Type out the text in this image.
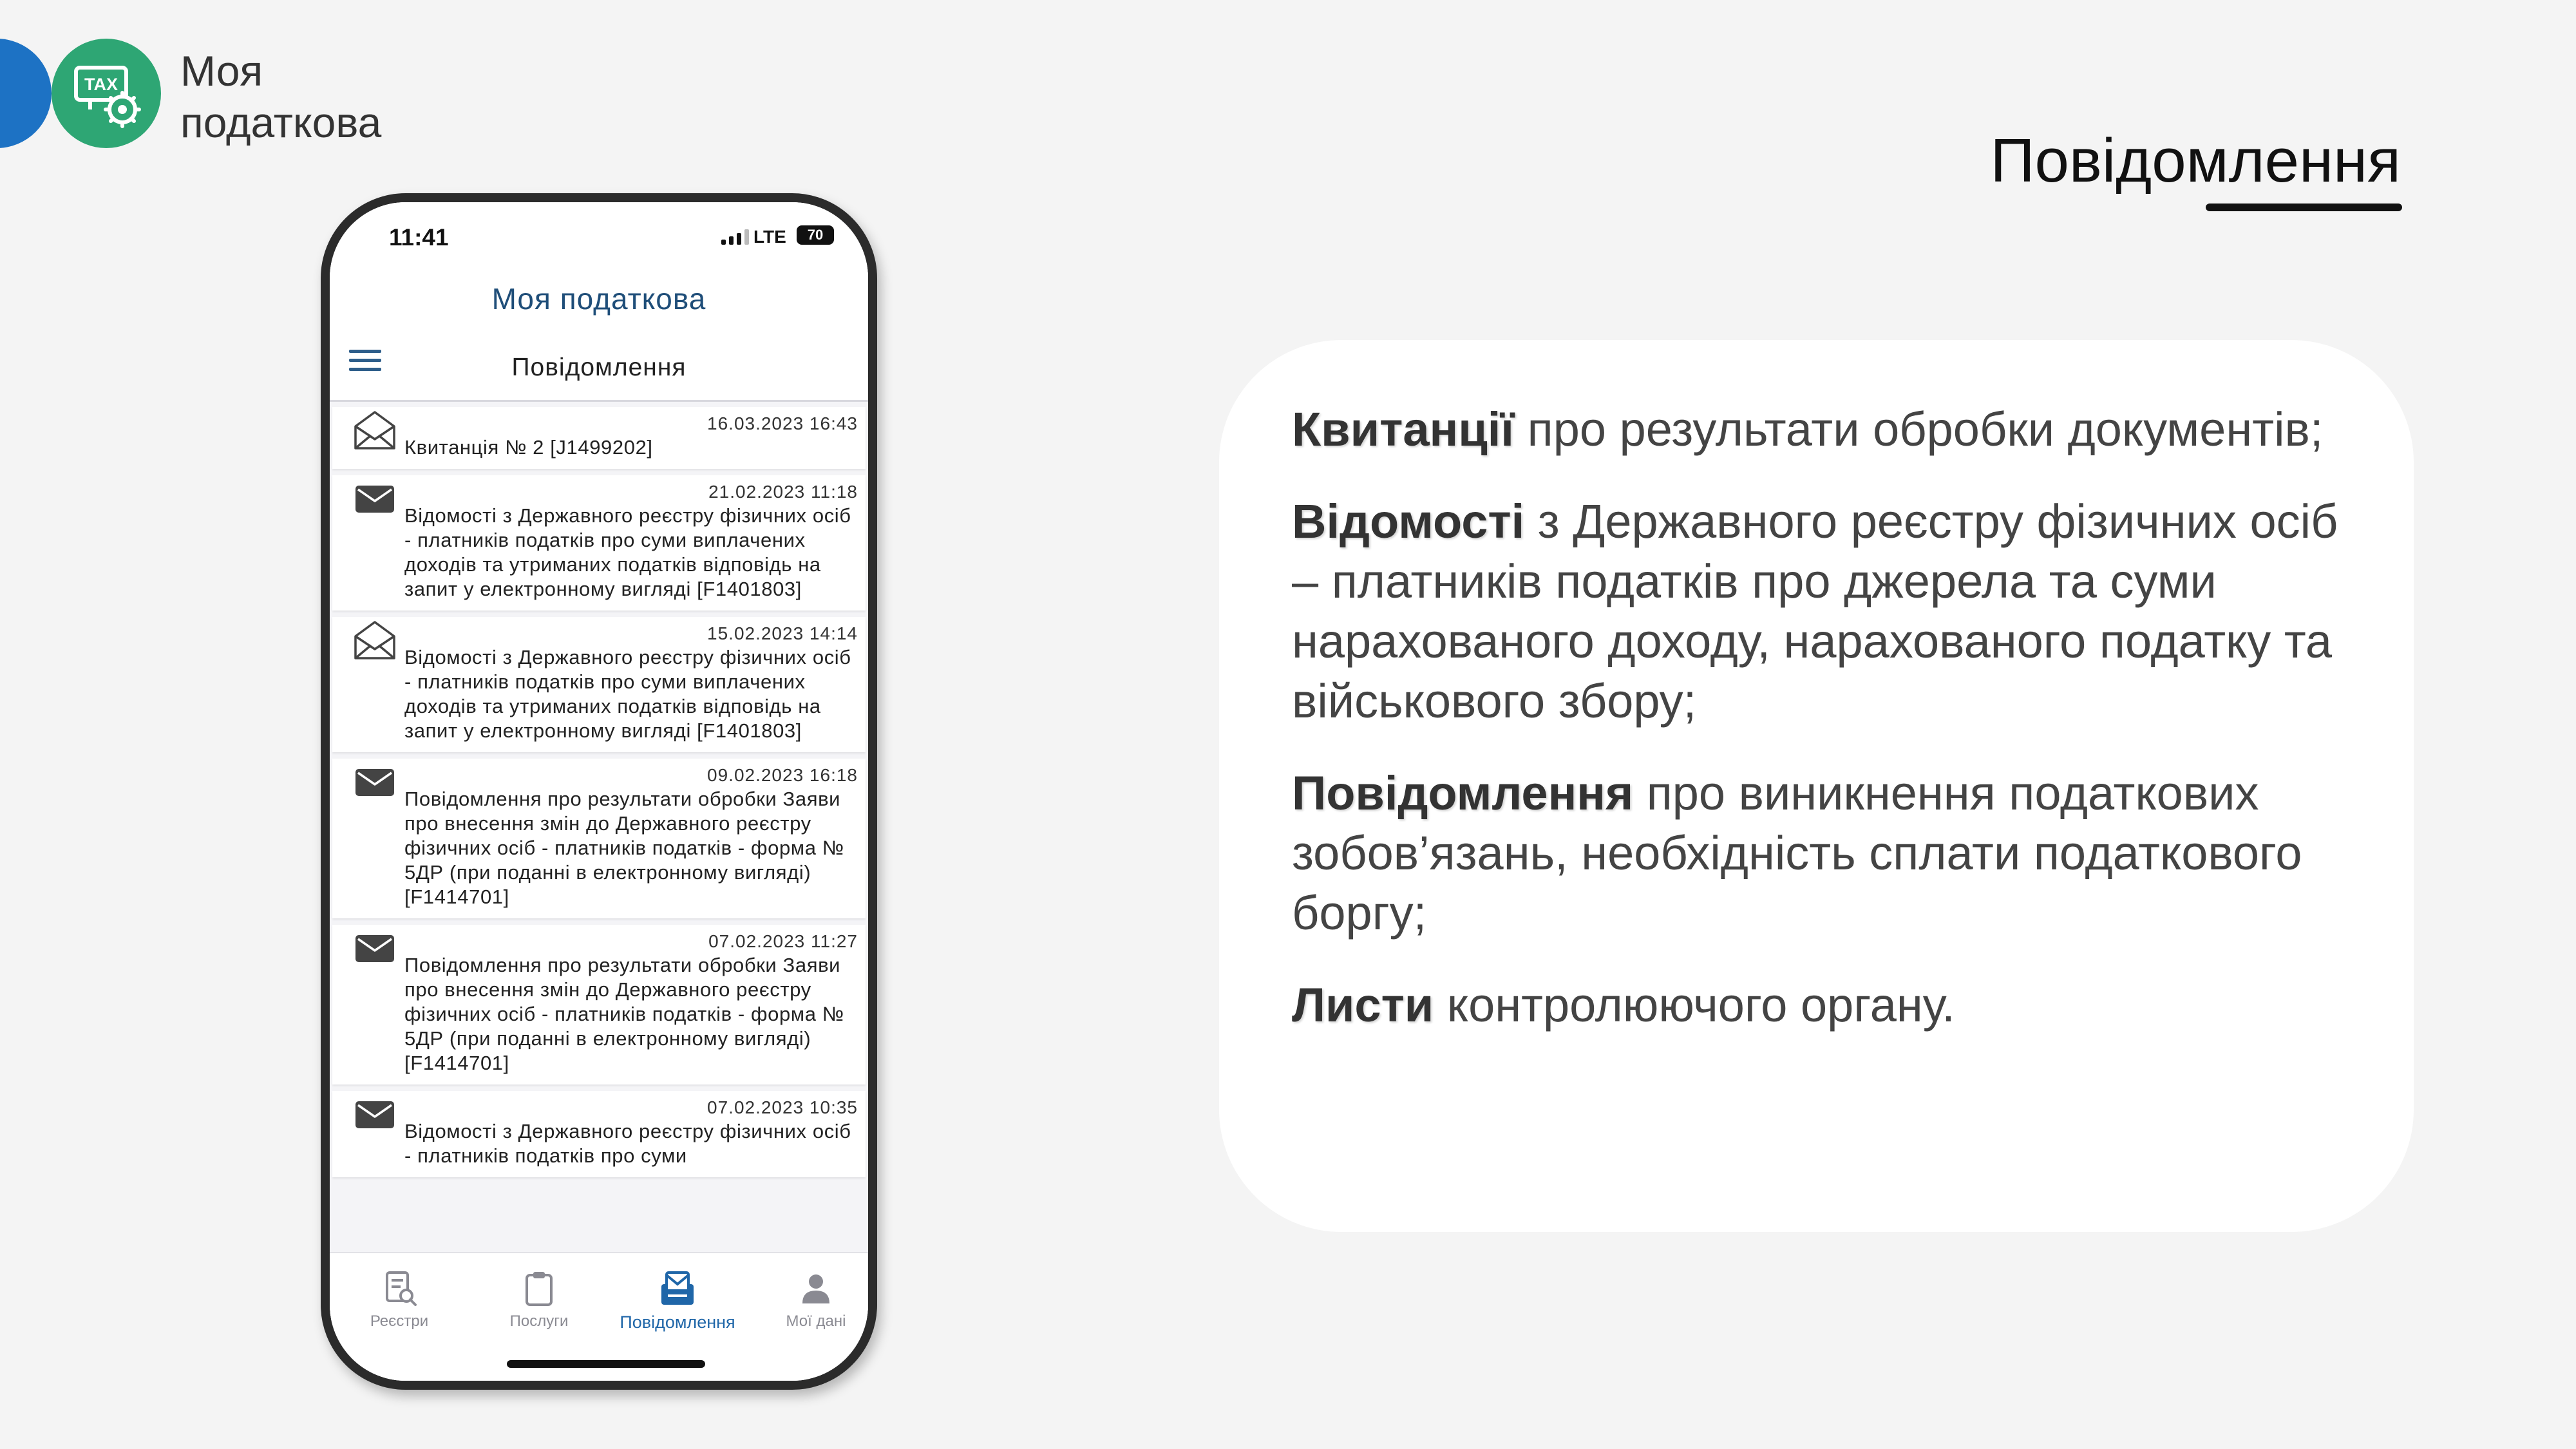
TAX Моя
податкова
Повідомлення
11:41	LTE	70
Моя податкова
Повідомлення
16.03.2023 16:43
Квитанція № 2 [J1499202]
21.02.2023 11:18
Відомості з Державного реєстру фізичних осіб - платників податків про суми виплачених доходів та утриманих податків відповідь на запит у електронному вигляді [F1401803]
15.02.2023 14:14
Відомості з Державного реєстру фізичних осіб - платників податків про суми виплачених доходів та утриманих податків відповідь на запит у електронному вигляді [F1401803]
09.02.2023 16:18
Повідомлення про результати обробки Заяви про внесення змін до Державного реєстру фізичних осіб - платників податків - форма № 5ДР (при поданні в електронному вигляді) [F1414701]
07.02.2023 11:27
Повідомлення про результати обробки Заяви про внесення змін до Державного реєстру фізичних осіб - платників податків - форма № 5ДР (при поданні в електронному вигляді) [F1414701]
07.02.2023 10:35
Відомості з Державного реєстру фізичних осіб - платників податків про суми
Реєстри	Послуги	Повідомлення	Мої дані

Квитанції про результати обробки документів;

Відомості з Державного реєстру фізичних осіб – платників податків про джерела та суми нарахованого доходу, нарахованого податку та військового збору;

Повідомлення про виникнення податкових зобов’язань, необхідність сплати податкового боргу;

Листи контролюючого органу.
